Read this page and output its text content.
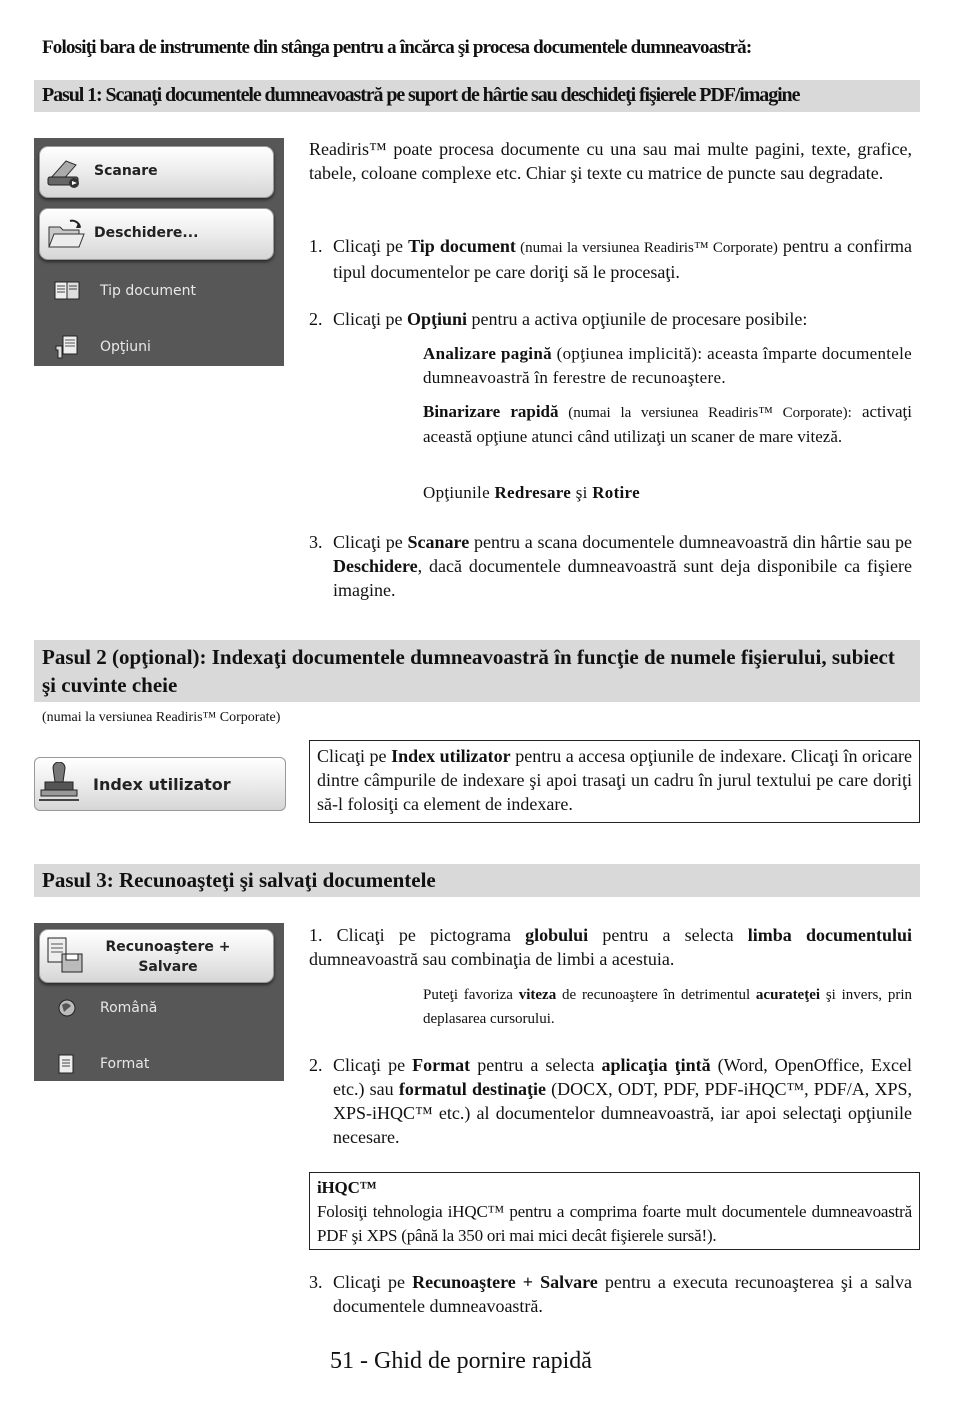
Folosiţi bara de instrumente din stânga pentru a încărca şi procesa documentele dumneavoastră:
Pasul 1: Scanaţi documentele dumneavoastră pe suport de hârtie sau deschideţi fişierele PDF/imagine
Scanare
Deschidere...
Tip document
Opţiuni
Readiris™ poate procesa documente cu una sau mai multe pagini, texte, grafice, tabele, coloane complexe etc. Chiar şi texte cu matrice de puncte sau degradate.
1. Clicaţi pe Tip document (numai la versiunea Readiris™ Corporate) pentru a confirma tipul documentelor pe care doriţi să le procesaţi.
2. Clicaţi pe Opţiuni pentru a activa opţiunile de procesare posibile:
Analizare pagină (opţiunea implicită): aceasta împarte documentele dumneavoastră în ferestre de recunoaştere.
Binarizare rapidă (numai la versiunea Readiris™ Corporate): activaţi această opţiune atunci când utilizaţi un scaner de mare viteză.
Opţiunile Redresare şi Rotire
3. Clicaţi pe Scanare pentru a scana documentele dumneavoastră din hârtie sau pe Deschidere, dacă documentele dumneavoastră sunt deja disponibile ca fişiere imagine.
Pasul 2 (opţional): Indexaţi documentele dumneavoastră în funcţie de numele fişierului, subiect şi cuvinte cheie
(numai la versiunea Readiris™ Corporate)
Index utilizator
Clicaţi pe Index utilizator pentru a accesa opţiunile de indexare. Clicaţi în oricare dintre câmpurile de indexare şi apoi trasaţi un cadru în jurul textului pe care doriţi să-l folosiţi ca element de indexare.
Pasul 3: Recunoaşteţi şi salvaţi documentele
Recunoaştere +
Salvare
Română
Format
1. Clicaţi pe pictograma globului pentru a selecta limba documentului dumneavoastră sau combinaţia de limbi a acestuia.
Puteţi favoriza viteza de recunoaştere în detrimentul acurateţei şi invers, prin deplasarea cursorului.
2. Clicaţi pe Format pentru a selecta aplicaţia ţintă (Word, OpenOffice, Excel etc.) sau formatul destinaţie (DOCX, ODT, PDF, PDF-iHQC™, PDF/A, XPS, XPS-iHQC™ etc.) al documentelor dumneavoastră, iar apoi selectaţi opţiunile necesare.
iHQC™
Folosiţi tehnologia iHQC™ pentru a comprima foarte mult documentele dumneavoastră PDF şi XPS (până la 350 ori mai mici decât fişierele sursă!).
3. Clicaţi pe Recunoaştere + Salvare pentru a executa recunoaşterea şi a salva documentele dumneavoastră.
51 - Ghid de pornire rapidă
